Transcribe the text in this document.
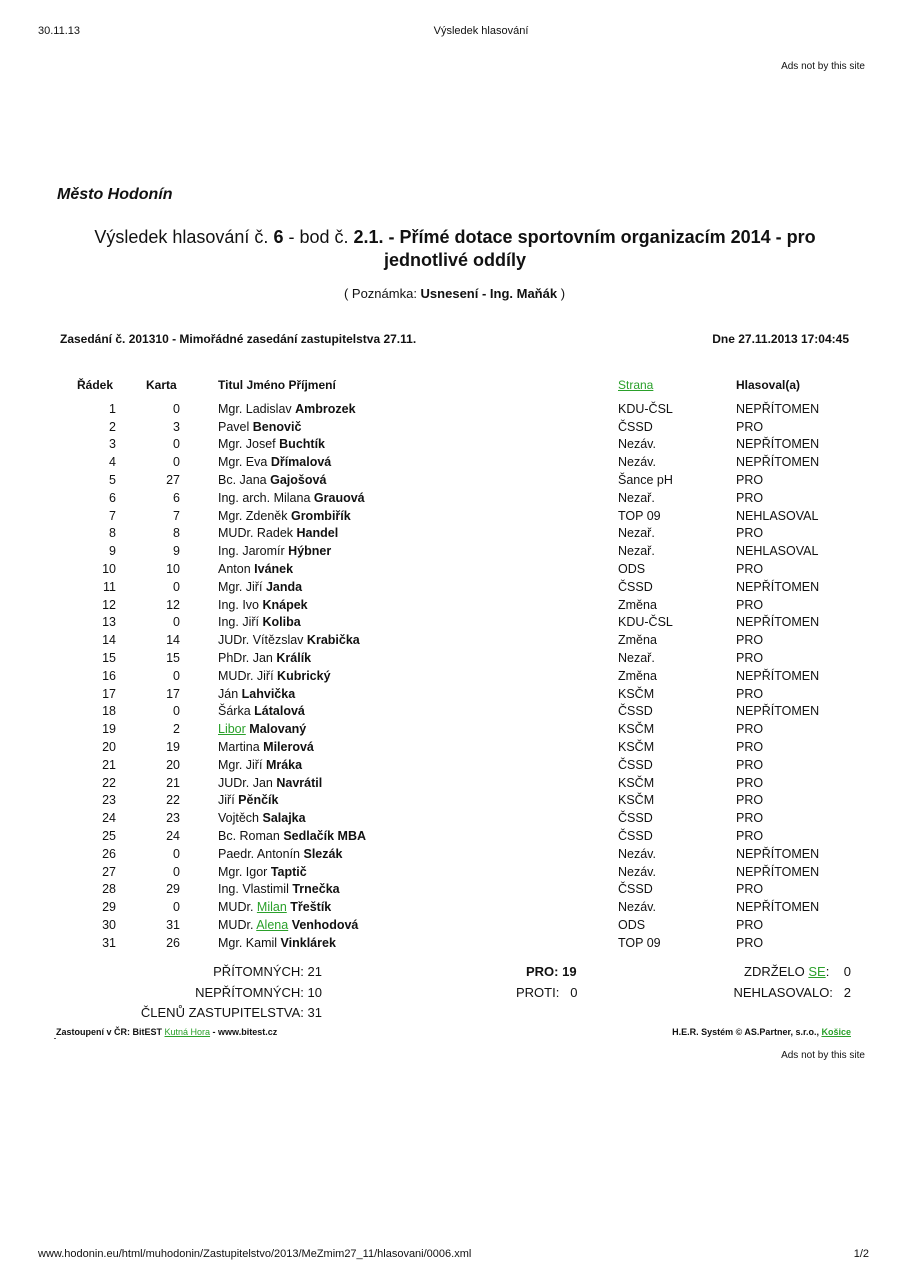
30.11.13	Výsledek hlasování
Ads not by this site
Město Hodonín
Výsledek hlasování č. 6 - bod č. 2.1. - Přímé dotace sportovním organizacím 2014 - pro jednotlivé oddíly
( Poznámka: Usnesení - Ing. Maňák )
Zasedání č. 201310 - Mimořádné zasedání zastupitelstva 27.11.	Dne 27.11.2013 17:04:45
Řádek	Karta	Titul Jméno Příjmení	Strana	Hlasoval(a)
1	0		Mgr. Ladislav Ambrozek	KDU-ČSL	NEPŘÍTOMEN
2	3		Pavel Benovič	ČSSD	PRO
3	0		Mgr. Josef Buchtík	Nezáv.	NEPŘÍTOMEN
4	0		Mgr. Eva Dřímalová	Nezáv.	NEPŘÍTOMEN
5	27		Bc. Jana Gajošová	Šance pH	PRO
6	6		Ing. arch. Milana Grauová	Nezař.	PRO
7	7		Mgr. Zdeněk Grombiřík	TOP 09	NEHLASOVAL
8	8		MUDr. Radek Handel	Nezař.	PRO
9	9		Ing. Jaromír Hýbner	Nezař.	NEHLASOVAL
10	10		Anton Ivánek	ODS	PRO
11	0		Mgr. Jiří Janda	ČSSD	NEPŘÍTOMEN
12	12		Ing. Ivo Knápek	Změna	PRO
13	0		Ing. Jiří Koliba	KDU-ČSL	NEPŘÍTOMEN
14	14		JUDr. Vítězslav Krabička	Změna	PRO
15	15		PhDr. Jan Králík	Nezař.	PRO
16	0		MUDr. Jiří Kubrický	Změna	NEPŘÍTOMEN
17	17		Ján Lahvička	KSČM	PRO
18	0		Šárka Látalová	ČSSD	NEPŘÍTOMEN
19	2		Libor Malovaný	KSČM	PRO
20	19		Martina Milerová	KSČM	PRO
21	20		Mgr. Jiří Mráka	ČSSD	PRO
22	21		JUDr. Jan Navrátil	KSČM	PRO
23	22		Jiří Pěnčík	KSČM	PRO
24	23		Vojtěch Salajka	ČSSD	PRO
25	24		Bc. Roman Sedlačík MBA	ČSSD	PRO
26	0		Paedr. Antonín Slezák	Nezáv.	NEPŘÍTOMEN
27	0		Mgr. Igor Taptič	Nezáv.	NEPŘÍTOMEN
28	29		Ing. Vlastimil Trnečka	ČSSD	PRO
29	0		MUDr. Milan Třeštík	Nezáv.	NEPŘÍTOMEN
30	31		MUDr. Alena Venhodová	ODS	PRO
31	26		Mgr. Kamil Vinklárek	TOP 09	PRO
PŘÍTOMNÝCH: 21
NEPŘÍTOMNÝCH: 10
ČLENŮ ZASTUPITELSTVA: 31
PRO: 19
PROTI: 0
ZDRŽELO SE: 0
NEHLASOVALO: 2
Zastoupení v ČR: BitEST Kutná Hora - www.bitest.cz	H.E.R. Systém © AS.Partner, s.r.o., Košice
Ads not by this site
www.hodonin.eu/html/muhodonin/Zastupitelstvo/2013/MeZmim27_11/hlasovani/0006.xml	1/2
